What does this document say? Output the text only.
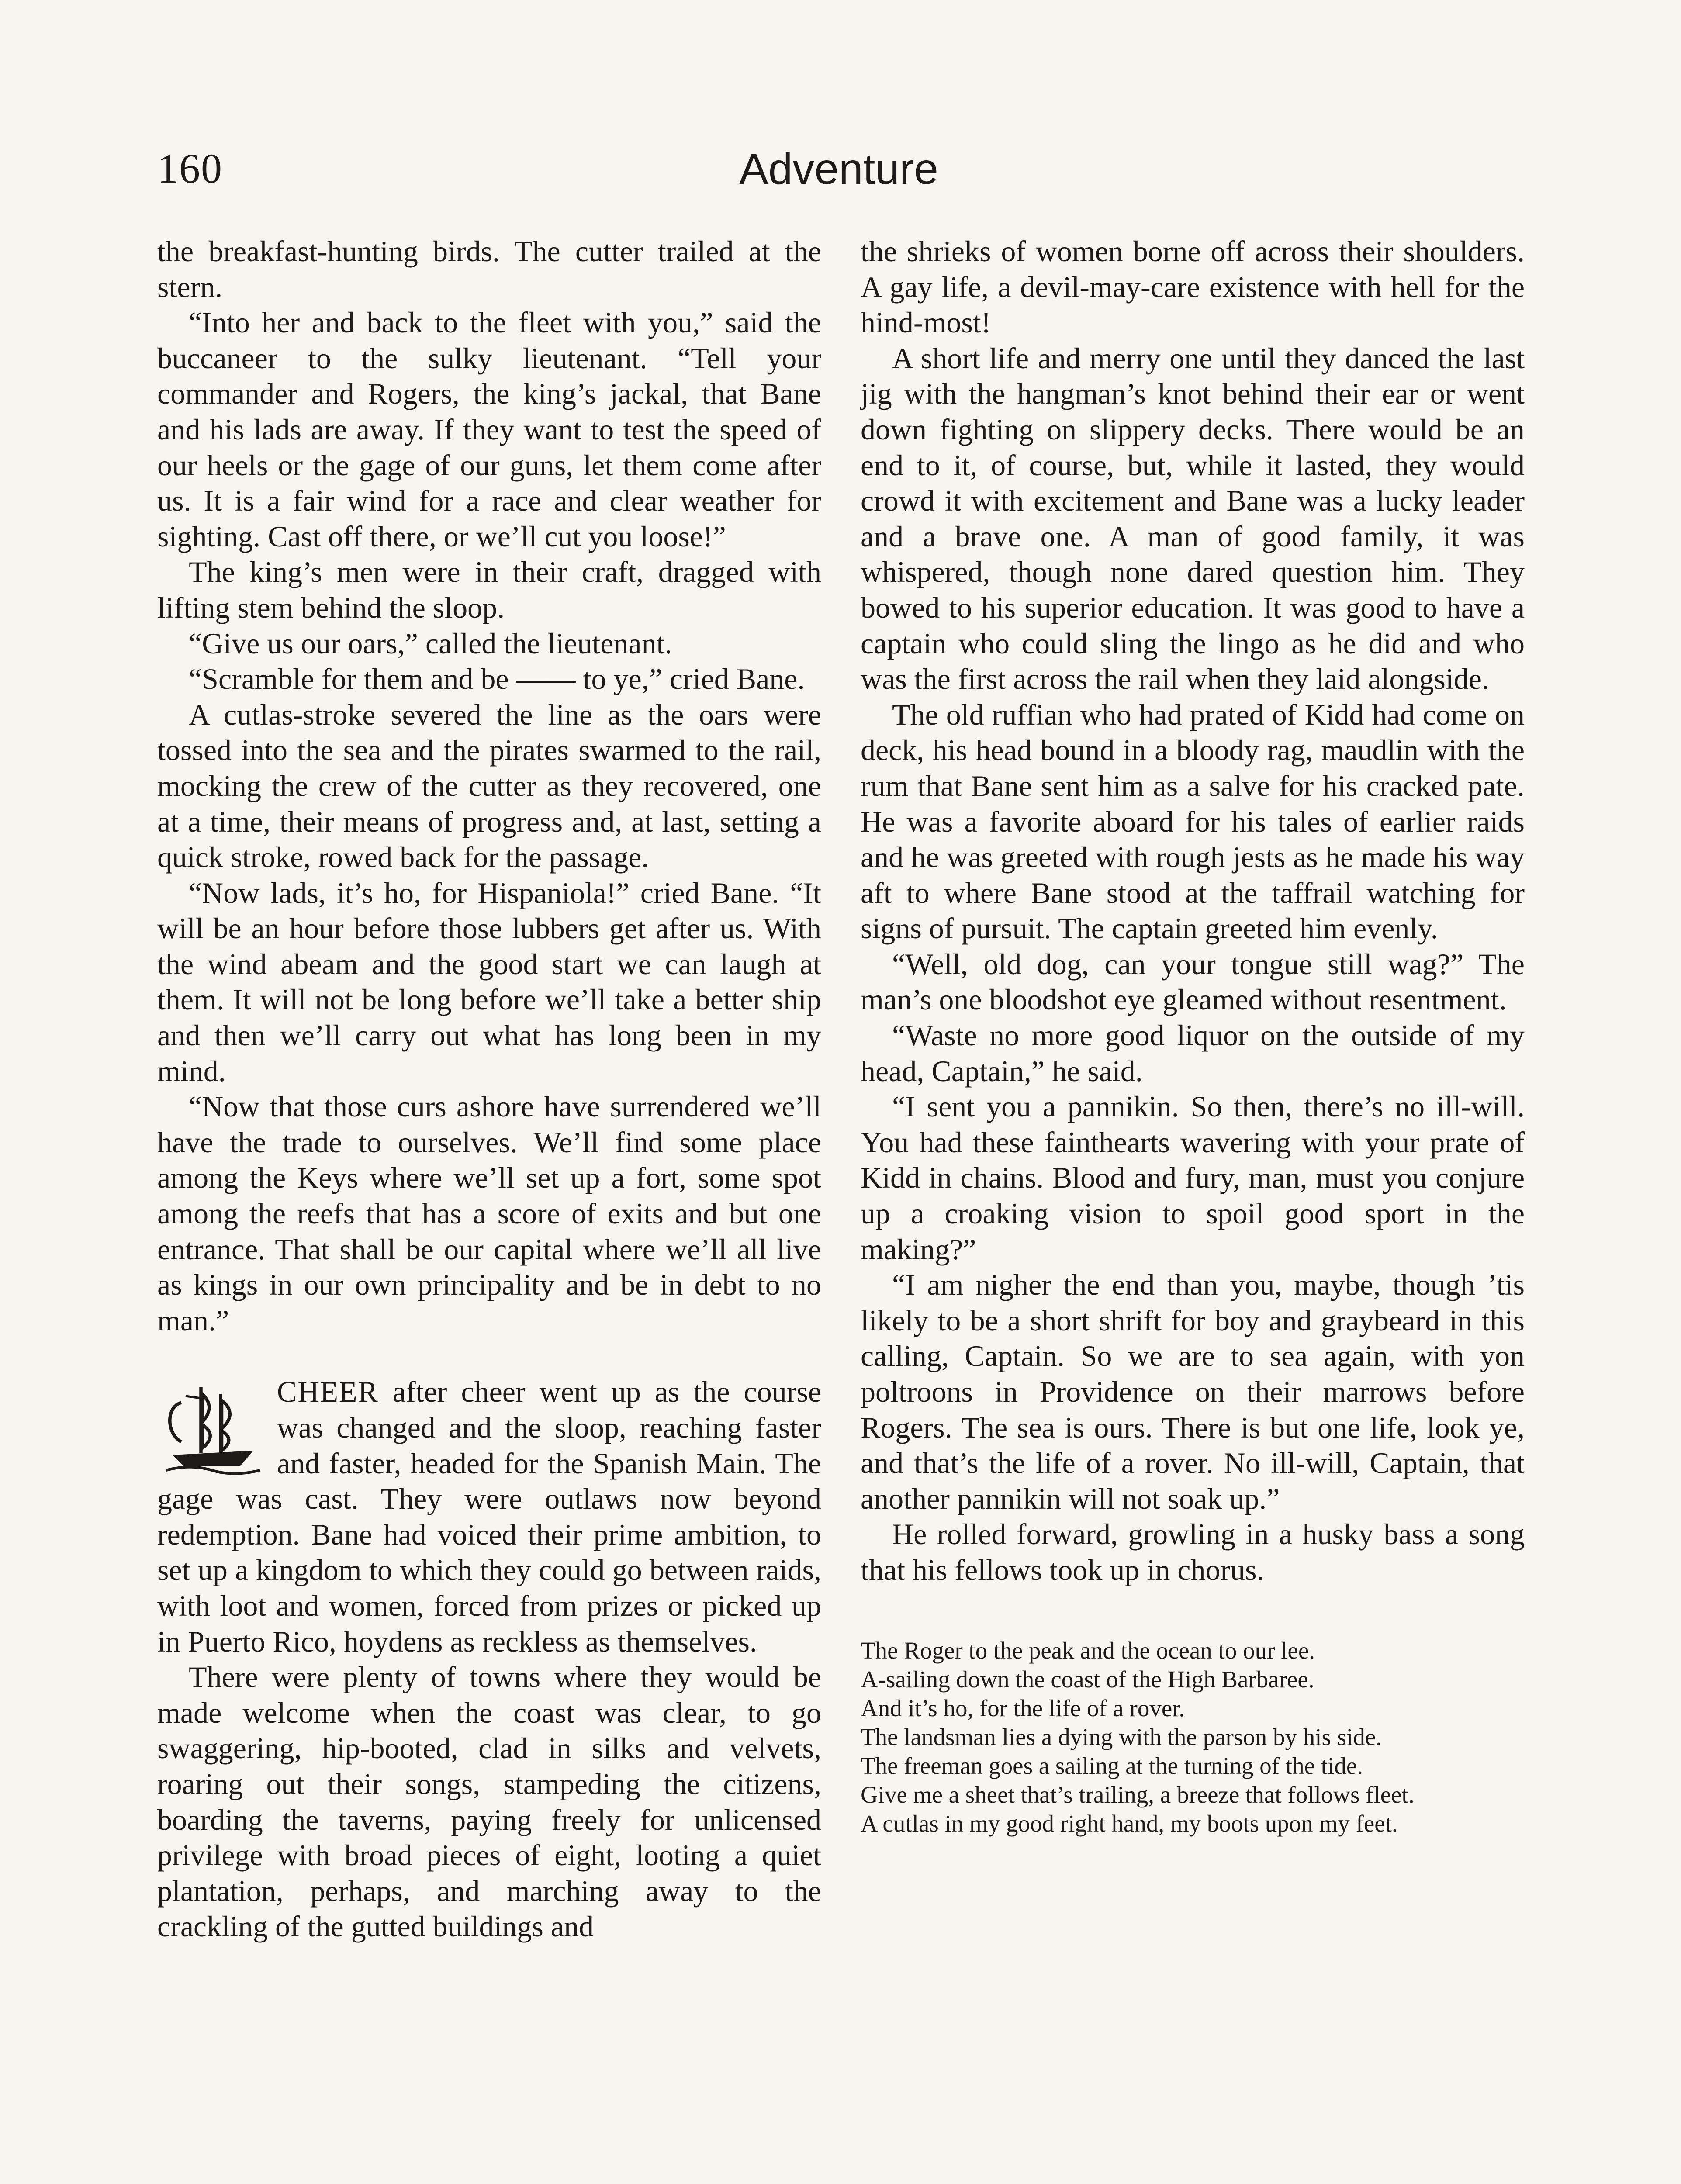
160	Adventure

the breakfast-hunting birds. The cutter trailed at the stern.

“Into her and back to the fleet with you,” said the buccaneer to the sulky lieutenant. “Tell your commander and Rogers, the king’s jackal, that Bane and his lads are away. If they want to test the speed of our heels or the gage of our guns, let them come after us. It is a fair wind for a race and clear weather for sighting. Cast off there, or we’ll cut you loose!”

The king’s men were in their craft, dragged with lifting stem behind the sloop.

“Give us our oars,” called the lieutenant.

“Scramble for them and be —— to ye,” cried Bane.

A cutlas-stroke severed the line as the oars were tossed into the sea and the pirates swarmed to the rail, mocking the crew of the cutter as they recovered, one at a time, their means of progress and, at last, setting a quick stroke, rowed back for the passage.

“Now lads, it’s ho, for Hispaniola!” cried Bane. “It will be an hour before those lubbers get after us. With the wind abeam and the good start we can laugh at them. It will not be long before we’ll take a better ship and then we’ll carry out what has long been in my mind.

“Now that those curs ashore have surrendered we’ll have the trade to ourselves. We’ll find some place among the Keys where we’ll set up a fort, some spot among the reefs that has a score of exits and but one entrance. That shall be our capital where we’ll all live as kings in our own principality and be in debt to no man.”

CHEER after cheer went up as the course was changed and the sloop, reaching faster and faster, headed for the Spanish Main. The gage was cast. They were outlaws now beyond redemption. Bane had voiced their prime ambition, to set up a kingdom to which they could go between raids, with loot and women, forced from prizes or picked up in Puerto Rico, hoydens as reckless as themselves.

There were plenty of towns where they would be made welcome when the coast was clear, to go swaggering, hip-booted, clad in silks and velvets, roaring out their songs, stampeding the citizens, boarding the taverns, paying freely for unlicensed privilege with broad pieces of eight, looting a quiet plantation, perhaps, and marching away to the crackling of the gutted buildings and

the shrieks of women borne off across their shoulders. A gay life, a devil-may-care existence with hell for the hind-most!

A short life and merry one until they danced the last jig with the hangman’s knot behind their ear or went down fighting on slippery decks. There would be an end to it, of course, but, while it lasted, they would crowd it with excitement and Bane was a lucky leader and a brave one. A man of good family, it was whispered, though none dared question him. They bowed to his superior education. It was good to have a captain who could sling the lingo as he did and who was the first across the rail when they laid alongside.

The old ruffian who had prated of Kidd had come on deck, his head bound in a bloody rag, maudlin with the rum that Bane sent him as a salve for his cracked pate. He was a favorite aboard for his tales of earlier raids and he was greeted with rough jests as he made his way aft to where Bane stood at the taffrail watching for signs of pursuit. The captain greeted him evenly.

“Well, old dog, can your tongue still wag?” The man’s one bloodshot eye gleamed without resentment.

“Waste no more good liquor on the outside of my head, Captain,” he said.

“I sent you a pannikin. So then, there’s no ill-will. You had these fainthearts wavering with your prate of Kidd in chains. Blood and fury, man, must you conjure up a croaking vision to spoil good sport in the making?”

“I am nigher the end than you, maybe, though ’tis likely to be a short shrift for boy and graybeard in this calling, Captain. So we are to sea again, with yon poltroons in Providence on their marrows before Rogers. The sea is ours. There is but one life, look ye, and that’s the life of a rover. No ill-will, Captain, that another pannikin will not soak up.”

He rolled forward, growling in a husky bass a song that his fellows took up in chorus.

The Roger to the peak and the ocean to our lee.
A-sailing down the coast of the High Barbaree.
And it’s ho, for the life of a rover.
The landsman lies a dying with the parson by his side.
The freeman goes a sailing at the turning of the tide.
Give me a sheet that’s trailing, a breeze that follows fleet.
A cutlas in my good right hand, my boots upon my feet.
